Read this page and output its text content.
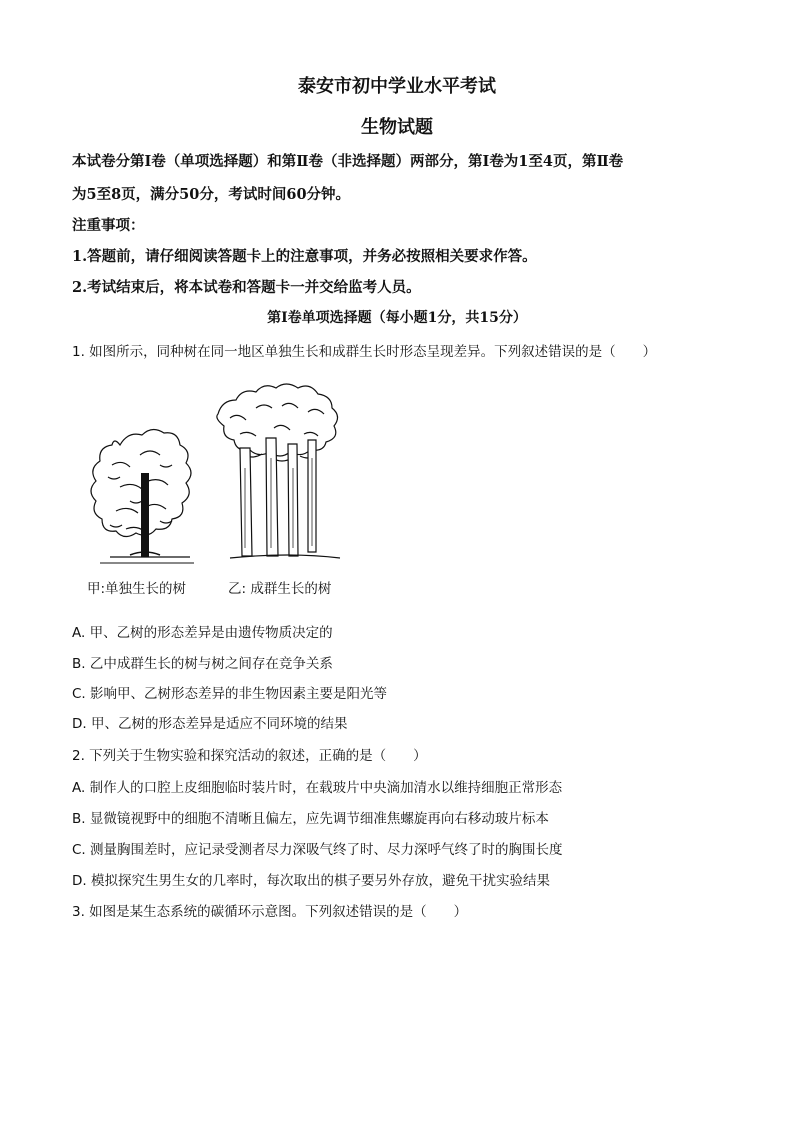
泰安市初中学业水平考试
生物试题
本试卷分第Ⅰ卷（单项选择题）和第Ⅱ卷（非选择题）两部分，第Ⅰ卷为1至4页，第Ⅱ卷
为5至8页，满分50分，考试时间60分钟。
注重事项：
1.答题前，请仔细阅读答题卡上的注意事项，并务必按照相关要求作答。
2.考试结束后，将本试卷和答题卡一并交给监考人员。
第Ⅰ卷单项选择题（每小题1分，共15分）
1. 如图所示，同种树在同一地区单独生长和成群生长时形态呈现差异。下列叙述错误的是（　　）
甲:单独生长的树	乙: 成群生长的树
A. 甲、乙树的形态差异是由遗传物质决定的
B. 乙中成群生长的树与树之间存在竞争关系
C. 影响甲、乙树形态差异的非生物因素主要是阳光等
D. 甲、乙树的形态差异是适应不同环境的结果
2. 下列关于生物实验和探究活动的叙述，正确的是（　　）
A. 制作人的口腔上皮细胞临时装片时，在载玻片中央滴加清水以维持细胞正常形态
B. 显微镜视野中的细胞不清晰且偏左，应先调节细准焦螺旋再向右移动玻片标本
C. 测量胸围差时，应记录受测者尽力深吸气终了时、尽力深呼气终了时的胸围长度
D. 模拟探究生男生女的几率时，每次取出的棋子要另外存放，避免干扰实验结果
3. 如图是某生态系统的碳循环示意图。下列叙述错误的是（　　）
